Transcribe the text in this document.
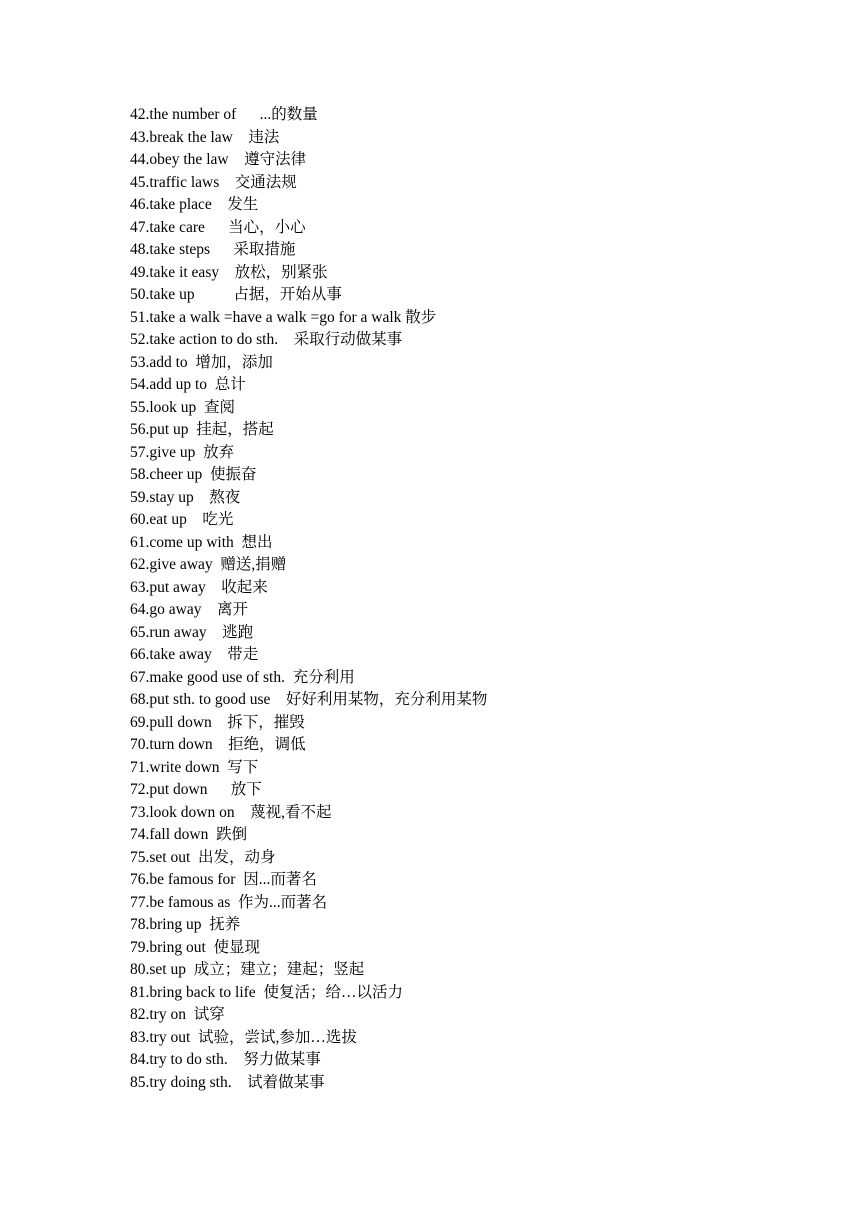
42.the number of      ...的数量
43.break the law    违法
44.obey the law    遵守法律
45.traffic laws    交通法规
46.take place    发生
47.take care      当心，小心
48.take steps      采取措施
49.take it easy    放松，别紧张
50.take up          占据，开始从事
51.take a walk =have a walk =go for a walk 散步
52.take action to do sth.    采取行动做某事
53.add to  增加，添加
54.add up to  总计
55.look up  查阅
56.put up  挂起，搭起
57.give up  放弃
58.cheer up  使振奋
59.stay up    熬夜
60.eat up    吃光
61.come up with  想出
62.give away  赠送,捐赠
63.put away    收起来
64.go away    离开
65.run away    逃跑
66.take away    带走
67.make good use of sth.  充分利用
68.put sth. to good use    好好利用某物，充分利用某物
69.pull down    拆下，摧毁
70.turn down    拒绝，调低
71.write down  写下
72.put down      放下
73.look down on    蔑视,看不起
74.fall down  跌倒
75.set out  出发，动身
76.be famous for  因...而著名
77.be famous as  作为...而著名
78.bring up  抚养
79.bring out  使显现
80.set up  成立；建立；建起；竖起
81.bring back to life  使复活；给…以活力
82.try on  试穿
83.try out  试验，尝试,参加…选拔
84.try to do sth.    努力做某事
85.try doing sth.    试着做某事
